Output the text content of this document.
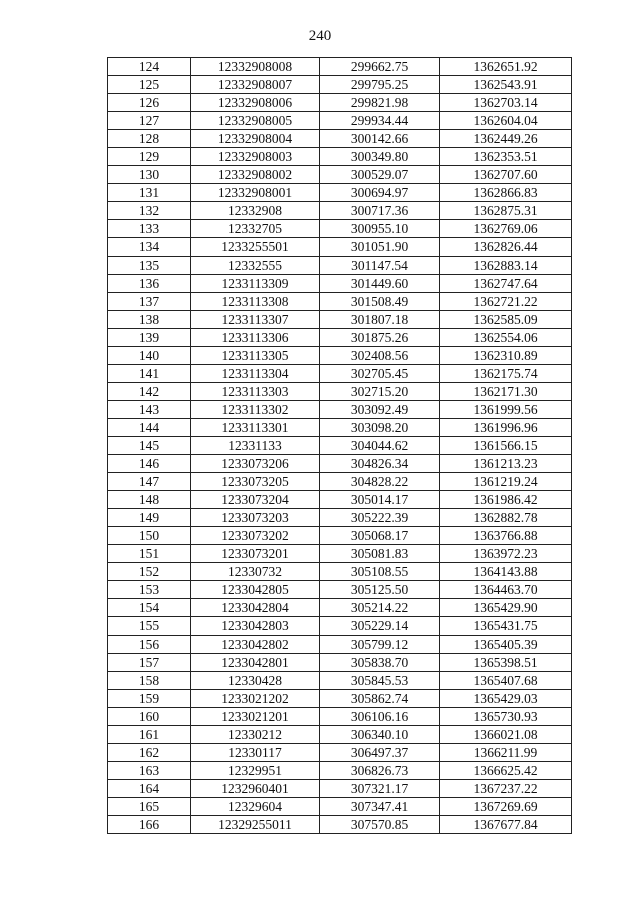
240
124	12332908008	299662.75	1362651.92
125	12332908007	299795.25	1362543.91
126	12332908006	299821.98	1362703.14
127	12332908005	299934.44	1362604.04
128	12332908004	300142.66	1362449.26
129	12332908003	300349.80	1362353.51
130	12332908002	300529.07	1362707.60
131	12332908001	300694.97	1362866.83
132	12332908	300717.36	1362875.31
133	12332705	300955.10	1362769.06
134	1233255501	301051.90	1362826.44
135	12332555	301147.54	1362883.14
136	1233113309	301449.60	1362747.64
137	1233113308	301508.49	1362721.22
138	1233113307	301807.18	1362585.09
139	1233113306	301875.26	1362554.06
140	1233113305	302408.56	1362310.89
141	1233113304	302705.45	1362175.74
142	1233113303	302715.20	1362171.30
143	1233113302	303092.49	1361999.56
144	1233113301	303098.20	1361996.96
145	12331133	304044.62	1361566.15
146	1233073206	304826.34	1361213.23
147	1233073205	304828.22	1361219.24
148	1233073204	305014.17	1361986.42
149	1233073203	305222.39	1362882.78
150	1233073202	305068.17	1363766.88
151	1233073201	305081.83	1363972.23
152	12330732	305108.55	1364143.88
153	1233042805	305125.50	1364463.70
154	1233042804	305214.22	1365429.90
155	1233042803	305229.14	1365431.75
156	1233042802	305799.12	1365405.39
157	1233042801	305838.70	1365398.51
158	12330428	305845.53	1365407.68
159	1233021202	305862.74	1365429.03
160	1233021201	306106.16	1365730.93
161	12330212	306340.10	1366021.08
162	12330117	306497.37	1366211.99
163	12329951	306826.73	1366625.42
164	1232960401	307321.17	1367237.22
165	12329604	307347.41	1367269.69
166	12329255011	307570.85	1367677.84
